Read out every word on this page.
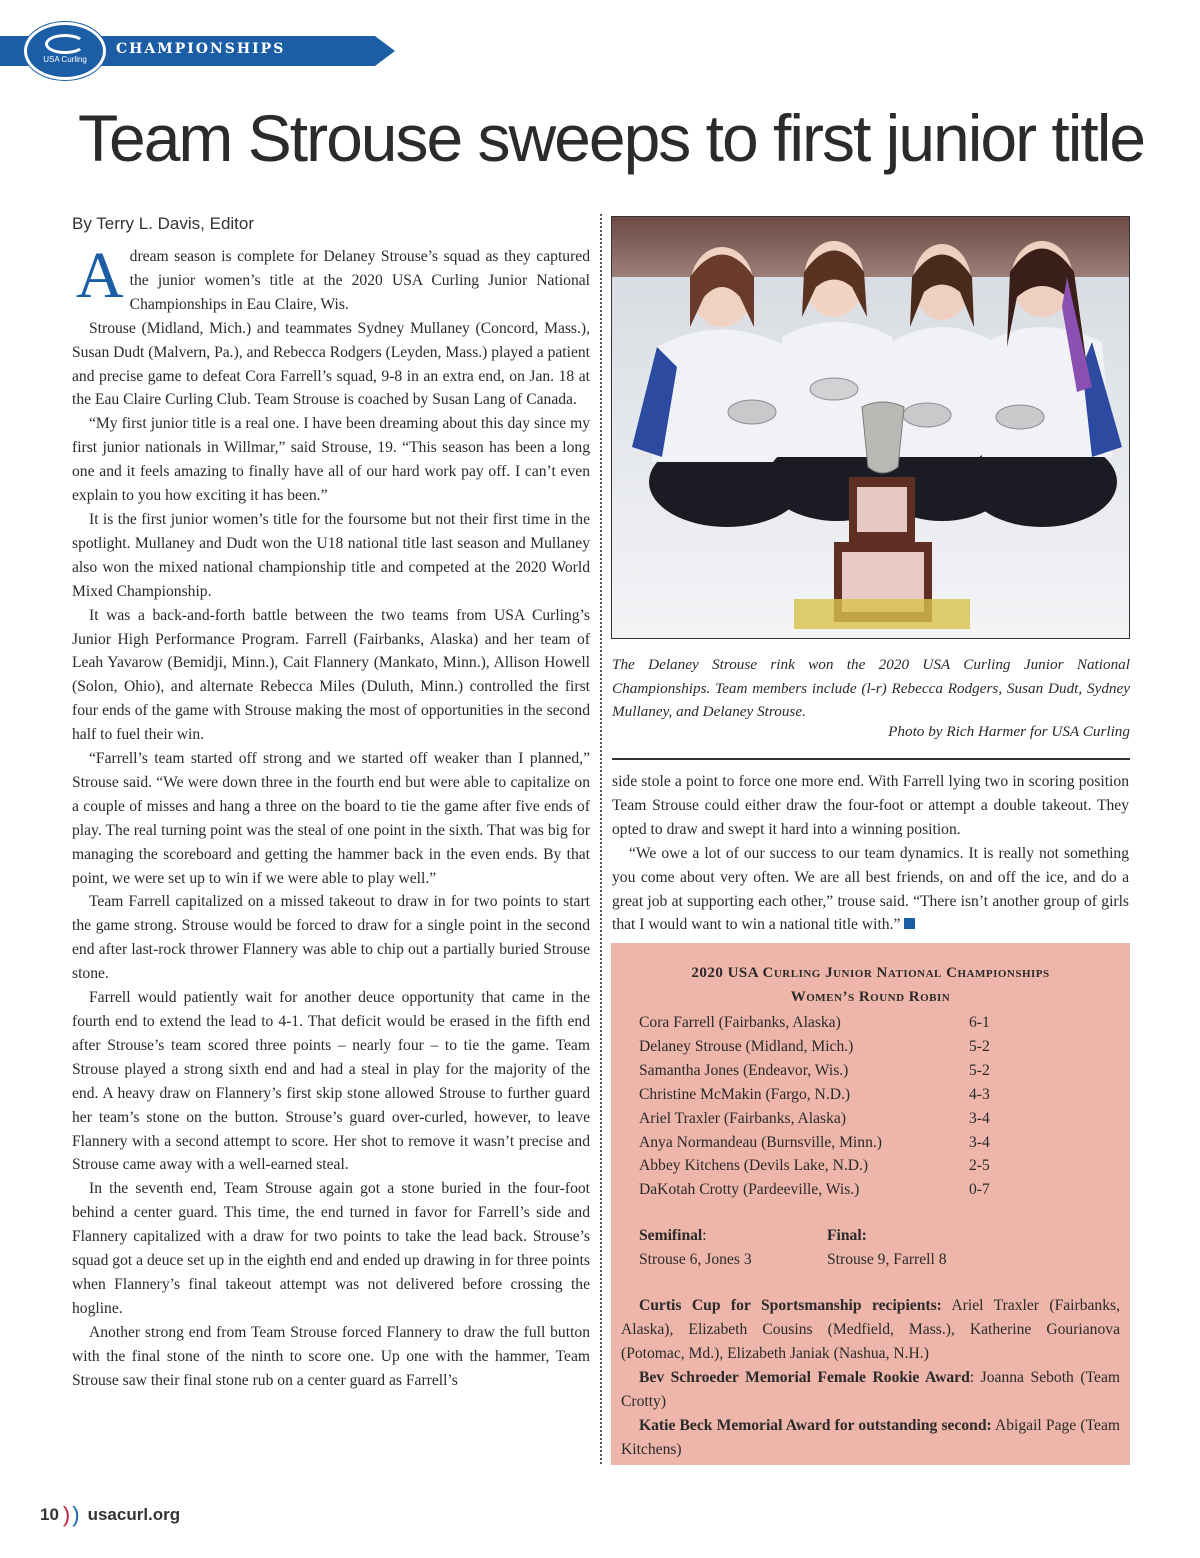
USA Curling
CHAMPIONSHIPS
Team Strouse sweeps to first junior title
By Terry L. Davis, Editor

Adream season is complete for Delaney Strouse’s squad as they captured the junior women’s title at the 2020 USA Curling Junior National Championships in Eau Claire, Wis.

Strouse (Midland, Mich.) and teammates Sydney Mullaney (Concord, Mass.), Susan Dudt (Malvern, Pa.), and Rebecca Rodgers (Leyden, Mass.) played a patient and precise game to defeat Cora Farrell’s squad, 9-8 in an extra end, on Jan. 18 at the Eau Claire Curling Club. Team Strouse is coached by Susan Lang of Canada.

“My first junior title is a real one. I have been dreaming about this day since my first junior nationals in Willmar,” said Strouse, 19. “This season has been a long one and it feels amazing to finally have all of our hard work pay off. I can’t even explain to you how exciting it has been.”

It is the first junior women’s title for the foursome but not their first time in the spotlight. Mullaney and Dudt won the U18 national title last season and Mullaney also won the mixed national championship title and competed at the 2020 World Mixed Championship.

It was a back-and-forth battle between the two teams from USA Curling’s Junior High Performance Program. Farrell (Fairbanks, Alaska) and her team of Leah Yavarow (Bemidji, Minn.), Cait Flannery (Mankato, Minn.), Allison Howell (Solon, Ohio), and alternate Rebecca Miles (Duluth, Minn.) controlled the first four ends of the game with Strouse making the most of opportunities in the second half to fuel their win.

“Farrell’s team started off strong and we started off weaker than I planned,” Strouse said. “We were down three in the fourth end but were able to capitalize on a couple of misses and hang a three on the board to tie the game after five ends of play. The real turning point was the steal of one point in the sixth. That was big for managing the scoreboard and getting the hammer back in the even ends. By that point, we were set up to win if we were able to play well.”

Team Farrell capitalized on a missed takeout to draw in for two points to start the game strong. Strouse would be forced to draw for a single point in the second end after last-rock thrower Flannery was able to chip out a partially buried Strouse stone.

Farrell would patiently wait for another deuce opportunity that came in the fourth end to extend the lead to 4-1. That deficit would be erased in the fifth end after Strouse’s team scored three points – nearly four – to tie the game. Team Strouse played a strong sixth end and had a steal in play for the majority of the end. A heavy draw on Flannery’s first skip stone allowed Strouse to further guard her team’s stone on the button. Strouse’s guard over-curled, however, to leave Flannery with a second attempt to score. Her shot to remove it wasn’t precise and Strouse came away with a well-earned steal.

In the seventh end, Team Strouse again got a stone buried in the four-foot behind a center guard. This time, the end turned in favor for Farrell’s side and Flannery capitalized with a draw for two points to take the lead back. Strouse’s squad got a deuce set up in the eighth end and ended up drawing in for three points when Flannery’s final takeout attempt was not delivered before crossing the hogline.

Another strong end from Team Strouse forced Flannery to draw the full button with the final stone of the ninth to score one. Up one with the hammer, Team Strouse saw their final stone rub on a center guard as Farrell’s

The Delaney Strouse rink won the 2020 USA Curling Junior National Championships. Team members include (l-r) Rebecca Rodgers, Susan Dudt, Sydney Mullaney, and Delaney Strouse.
Photo by Rich Harmer for USA Curling

side stole a point to force one more end. With Farrell lying two in scoring position Team Strouse could either draw the four-foot or attempt a double takeout. They opted to draw and swept it hard into a winning position.

“We owe a lot of our success to our team dynamics. It is really not something you come about very often. We are all best friends, on and off the ice, and do a great job at supporting each other,” trouse said. “There isn’t another group of girls that I would want to win a national title with.”

2020 USA Curling Junior National Championships
Women’s Round Robin
Cora Farrell (Fairbanks, Alaska)	6-1
Delaney Strouse (Midland, Mich.)	5-2
Samantha Jones (Endeavor, Wis.)	5-2
Christine McMakin (Fargo, N.D.)	4-3
Ariel Traxler (Fairbanks, Alaska)	3-4
Anya Normandeau (Burnsville, Minn.)	3-4
Abbey Kitchens (Devils Lake, N.D.)	2-5
DaKotah Crotty (Pardeeville, Wis.)	0-7
Semifinal:
Strouse 6, Jones 3
Final:
Strouse 9, Farrell 8

Curtis Cup for Sportsmanship recipients: Ariel Traxler (Fairbanks, Alaska), Elizabeth Cousins (Medfield, Mass.), Katherine Gourianova (Potomac, Md.), Elizabeth Janiak (Nashua, N.H.)

Bev Schroeder Memorial Female Rookie Award: Joanna Seboth (Team Crotty)

Katie Beck Memorial Award for outstanding second: Abigail Page (Team Kitchens)

10 ) ) usacurl.org
